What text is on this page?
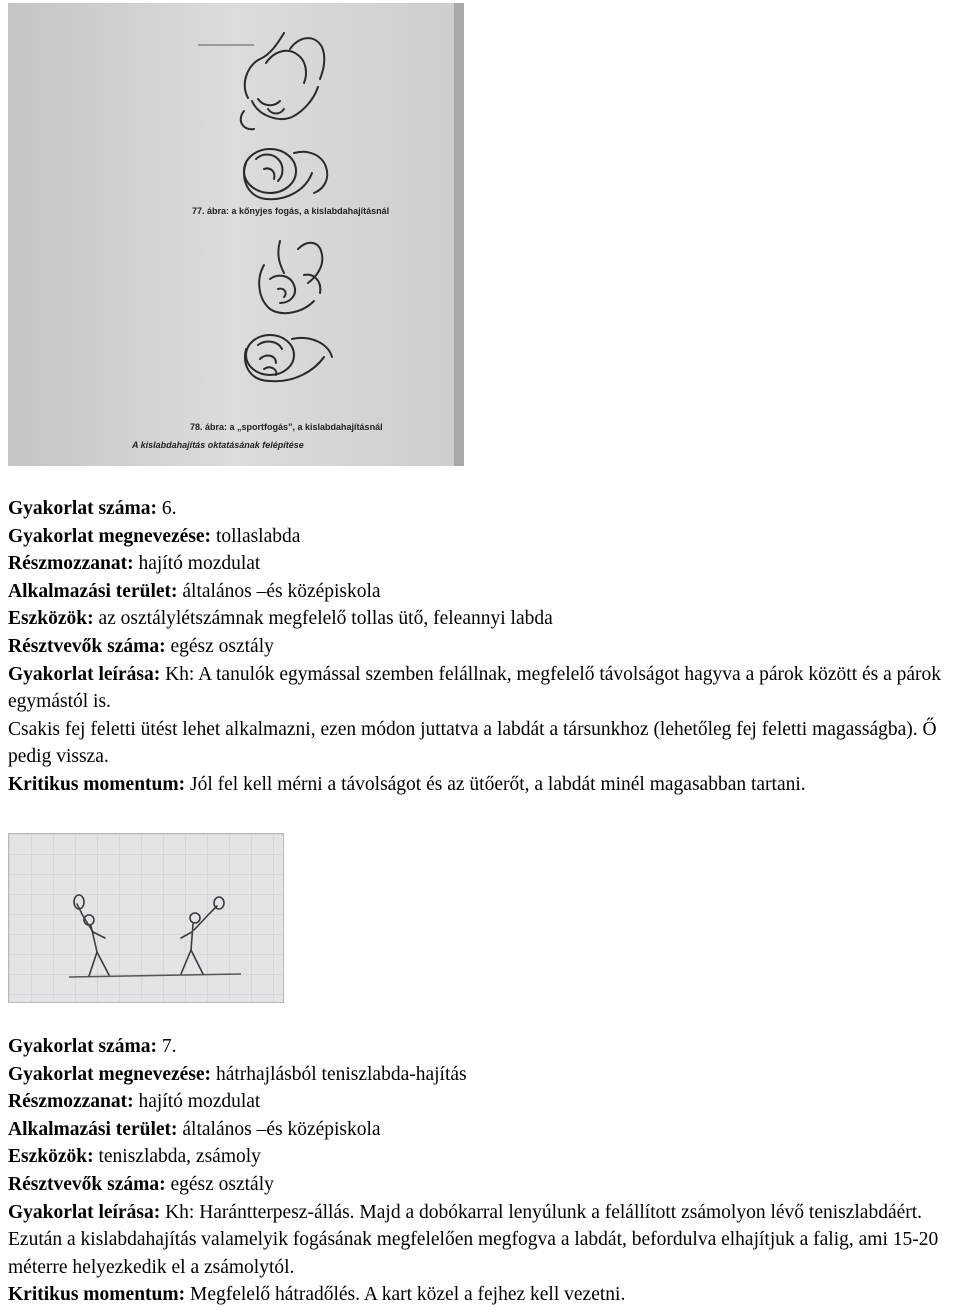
77. ábra: a kőnyjes fogás, a kislabdahajításnál
78. ábra: a „sportfogás”, a kislabdahajításnál
A kislabdahajítás oktatásának felépítése
Gyakorlat száma: 6.
Gyakorlat megnevezése: tollaslabda
Részmozzanat: hajító mozdulat
Alkalmazási terület: általános –és középiskola
Eszközök: az osztálylétszámnak megfelelő tollas ütő, feleannyi labda
Résztvevők száma: egész osztály
Gyakorlat leírása: Kh: A tanulók egymással szemben felállnak, megfelelő távolságot hagyva a párok között és a párok egymástól is.
Csakis fej feletti ütést lehet alkalmazni, ezen módon juttatva a labdát a társunkhoz (lehetőleg fej feletti magasságba). Ő pedig vissza.
Kritikus momentum: Jól fel kell mérni a távolságot és az ütőerőt, a labdát minél magasabban tartani.
Gyakorlat száma: 7.
Gyakorlat megnevezése: hátrhajlásból teniszlabda-hajítás
Részmozzanat: hajító mozdulat
Alkalmazási terület: általános –és középiskola
Eszközök: teniszlabda, zsámoly
Résztvevők száma: egész osztály
Gyakorlat leírása: Kh: Harántterpesz-állás. Majd a dobókarral lenyúlunk a felállított zsámolyon lévő teniszlabdáért. Ezután a kislabdahajítás valamelyik fogásának megfelelően megfogva a labdát, befordulva elhajítjuk a falig, ami 15-20 méterre helyezkedik el a zsámolytól.
Kritikus momentum: Megfelelő hátradőlés. A kart közel a fejhez kell vezetni.
